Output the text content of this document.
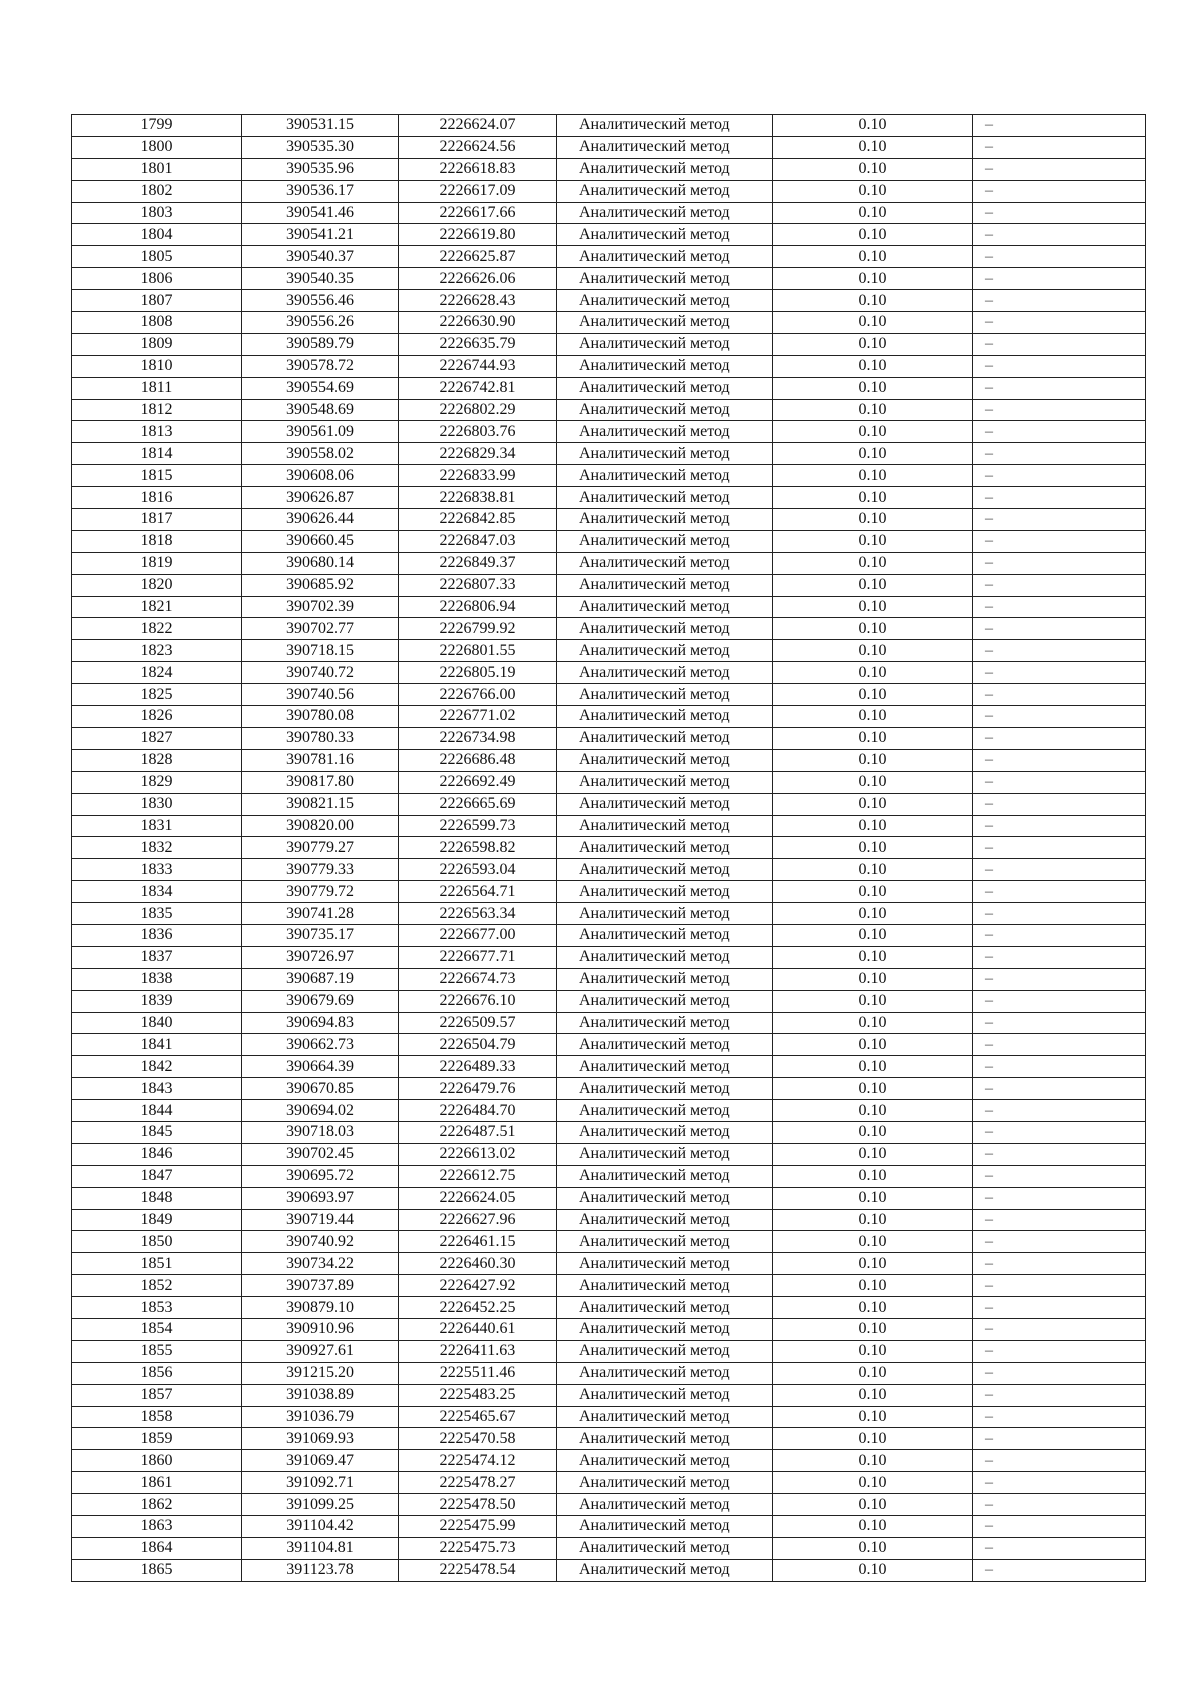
1799	390531.15	2226624.07	Аналитический метод	0.10	–
1800	390535.30	2226624.56	Аналитический метод	0.10	–
1801	390535.96	2226618.83	Аналитический метод	0.10	–
1802	390536.17	2226617.09	Аналитический метод	0.10	–
1803	390541.46	2226617.66	Аналитический метод	0.10	–
1804	390541.21	2226619.80	Аналитический метод	0.10	–
1805	390540.37	2226625.87	Аналитический метод	0.10	–
1806	390540.35	2226626.06	Аналитический метод	0.10	–
1807	390556.46	2226628.43	Аналитический метод	0.10	–
1808	390556.26	2226630.90	Аналитический метод	0.10	–
1809	390589.79	2226635.79	Аналитический метод	0.10	–
1810	390578.72	2226744.93	Аналитический метод	0.10	–
1811	390554.69	2226742.81	Аналитический метод	0.10	–
1812	390548.69	2226802.29	Аналитический метод	0.10	–
1813	390561.09	2226803.76	Аналитический метод	0.10	–
1814	390558.02	2226829.34	Аналитический метод	0.10	–
1815	390608.06	2226833.99	Аналитический метод	0.10	–
1816	390626.87	2226838.81	Аналитический метод	0.10	–
1817	390626.44	2226842.85	Аналитический метод	0.10	–
1818	390660.45	2226847.03	Аналитический метод	0.10	–
1819	390680.14	2226849.37	Аналитический метод	0.10	–
1820	390685.92	2226807.33	Аналитический метод	0.10	–
1821	390702.39	2226806.94	Аналитический метод	0.10	–
1822	390702.77	2226799.92	Аналитический метод	0.10	–
1823	390718.15	2226801.55	Аналитический метод	0.10	–
1824	390740.72	2226805.19	Аналитический метод	0.10	–
1825	390740.56	2226766.00	Аналитический метод	0.10	–
1826	390780.08	2226771.02	Аналитический метод	0.10	–
1827	390780.33	2226734.98	Аналитический метод	0.10	–
1828	390781.16	2226686.48	Аналитический метод	0.10	–
1829	390817.80	2226692.49	Аналитический метод	0.10	–
1830	390821.15	2226665.69	Аналитический метод	0.10	–
1831	390820.00	2226599.73	Аналитический метод	0.10	–
1832	390779.27	2226598.82	Аналитический метод	0.10	–
1833	390779.33	2226593.04	Аналитический метод	0.10	–
1834	390779.72	2226564.71	Аналитический метод	0.10	–
1835	390741.28	2226563.34	Аналитический метод	0.10	–
1836	390735.17	2226677.00	Аналитический метод	0.10	–
1837	390726.97	2226677.71	Аналитический метод	0.10	–
1838	390687.19	2226674.73	Аналитический метод	0.10	–
1839	390679.69	2226676.10	Аналитический метод	0.10	–
1840	390694.83	2226509.57	Аналитический метод	0.10	–
1841	390662.73	2226504.79	Аналитический метод	0.10	–
1842	390664.39	2226489.33	Аналитический метод	0.10	–
1843	390670.85	2226479.76	Аналитический метод	0.10	–
1844	390694.02	2226484.70	Аналитический метод	0.10	–
1845	390718.03	2226487.51	Аналитический метод	0.10	–
1846	390702.45	2226613.02	Аналитический метод	0.10	–
1847	390695.72	2226612.75	Аналитический метод	0.10	–
1848	390693.97	2226624.05	Аналитический метод	0.10	–
1849	390719.44	2226627.96	Аналитический метод	0.10	–
1850	390740.92	2226461.15	Аналитический метод	0.10	–
1851	390734.22	2226460.30	Аналитический метод	0.10	–
1852	390737.89	2226427.92	Аналитический метод	0.10	–
1853	390879.10	2226452.25	Аналитический метод	0.10	–
1854	390910.96	2226440.61	Аналитический метод	0.10	–
1855	390927.61	2226411.63	Аналитический метод	0.10	–
1856	391215.20	2225511.46	Аналитический метод	0.10	–
1857	391038.89	2225483.25	Аналитический метод	0.10	–
1858	391036.79	2225465.67	Аналитический метод	0.10	–
1859	391069.93	2225470.58	Аналитический метод	0.10	–
1860	391069.47	2225474.12	Аналитический метод	0.10	–
1861	391092.71	2225478.27	Аналитический метод	0.10	–
1862	391099.25	2225478.50	Аналитический метод	0.10	–
1863	391104.42	2225475.99	Аналитический метод	0.10	–
1864	391104.81	2225475.73	Аналитический метод	0.10	–
1865	391123.78	2225478.54	Аналитический метод	0.10	–
